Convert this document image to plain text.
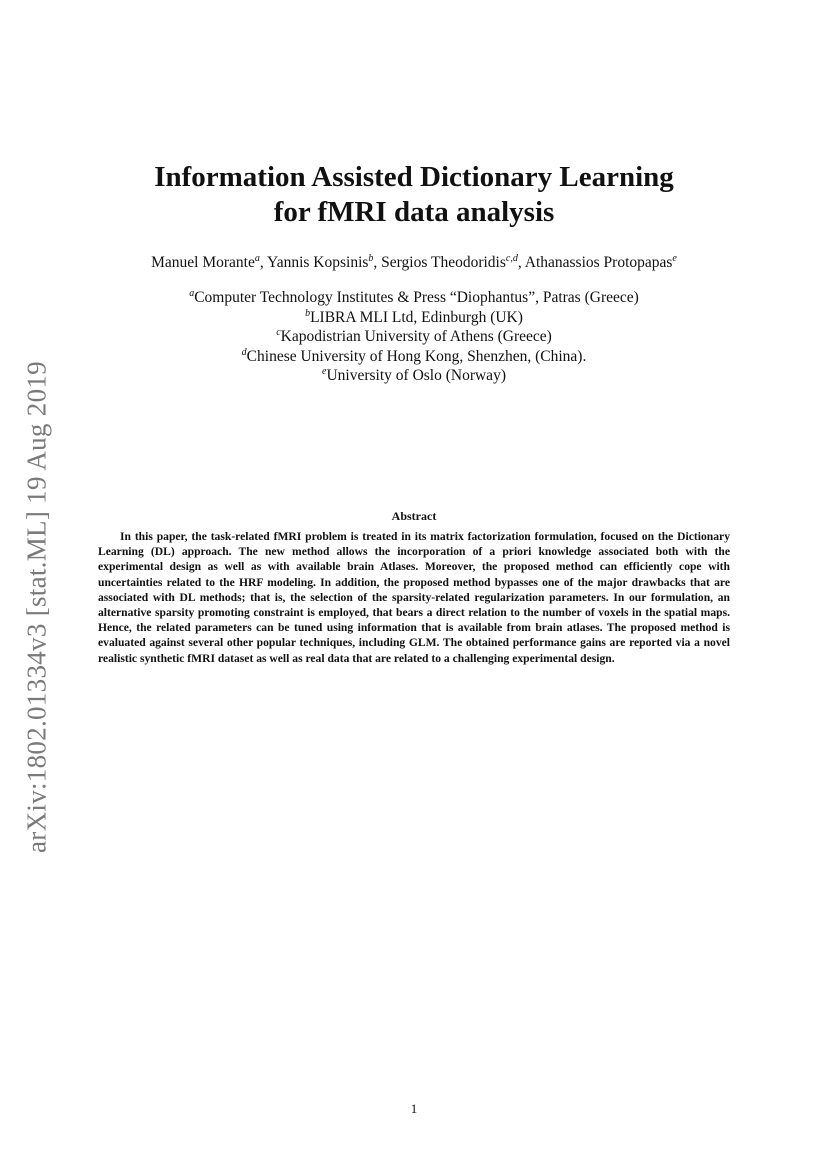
arXiv:1802.01334v3 [stat.ML] 19 Aug 2019
Information Assisted Dictionary Learning
for fMRI data analysis
Manuel Morante$^a$, Yannis Kopsinis$^b$, Sergios Theodoridis$^{c,d}$, Athanassios Protopapas$^e$
$^a$Computer Technology Institutes & Press “Diophantus”, Patras (Greece)
$^b$LIBRA MLI Ltd, Edinburgh (UK)
$^c$Kapodistrian University of Athens (Greece)
$^d$Chinese University of Hong Kong, Shenzhen, (China).
$^e$University of Oslo (Norway)
Abstract

In this paper, the task-related fMRI problem is treated in its matrix factorization formulation, focused on the Dictionary Learning (DL) approach. The new method allows the incorporation of a priori knowledge associated both with the experimental design as well as with available brain Atlases. Moreover, the proposed method can efficiently cope with uncertainties related to the HRF modeling. In addition, the proposed method bypasses one of the major drawbacks that are associated with DL methods; that is, the selection of the sparsity-related regularization parameters. In our formulation, an alternative sparsity promoting constraint is employed, that bears a direct relation to the number of voxels in the spatial maps. Hence, the related parameters can be tuned using information that is available from brain atlases. The proposed method is evaluated against several other popular techniques, including GLM. The obtained performance gains are reported via a novel realistic synthetic fMRI dataset as well as real data that are related to a challenging experimental design.

1
